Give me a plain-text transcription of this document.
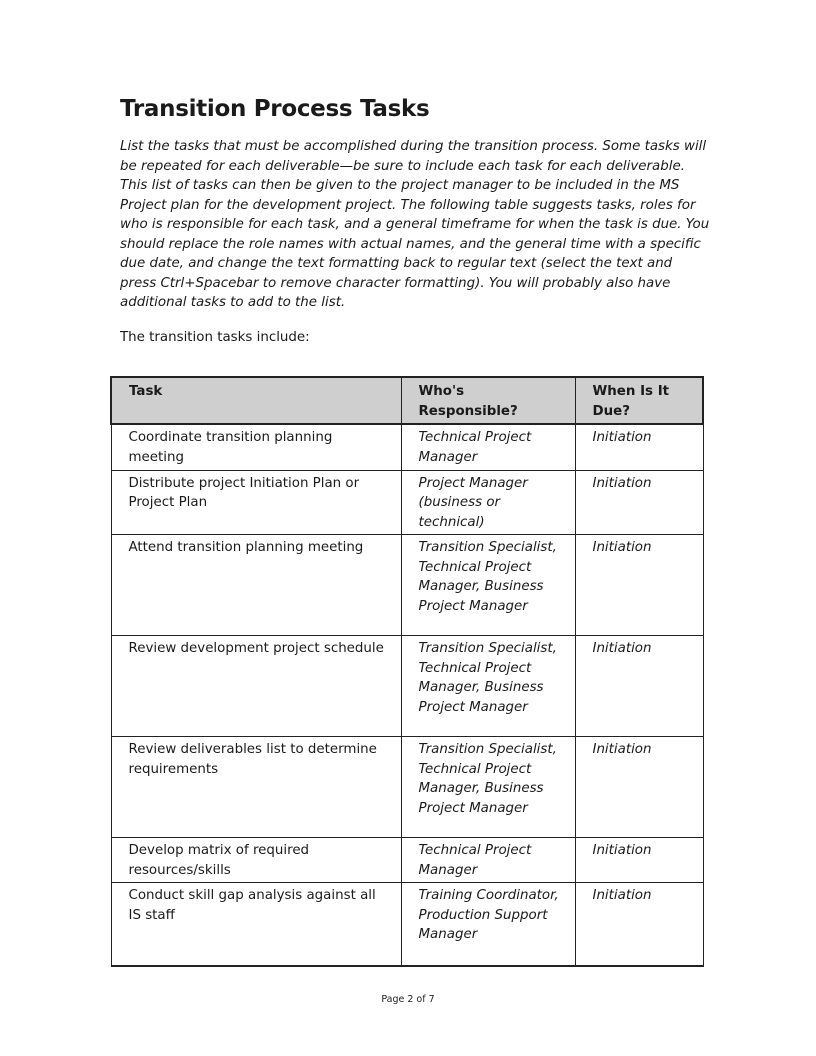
Transition Process Tasks

List the tasks that must be accomplished during the transition process. Some tasks will be repeated for each deliverable—be sure to include each task for each deliverable. This list of tasks can then be given to the project manager to be included in the MS Project plan for the development project. The following table suggests tasks, roles for who is responsible for each task, and a general timeframe for when the task is due. You should replace the role names with actual names, and the general time with a specific due date, and change the text formatting back to regular text (select the text and press Ctrl+Spacebar to remove character formatting). You will probably also have additional tasks to add to the list.

The transition tasks include:

Task	Who's Responsible?	When Is It Due?
Coordinate transition planning meeting	Technical Project Manager	Initiation
Distribute project Initiation Plan or Project Plan	Project Manager (business or technical)	Initiation
Attend transition planning meeting	Transition Specialist, Technical Project Manager, Business Project Manager	Initiation
Review development project schedule	Transition Specialist, Technical Project Manager, Business Project Manager	Initiation
Review deliverables list to determine requirements	Transition Specialist, Technical Project Manager, Business Project Manager	Initiation
Develop matrix of required resources/skills	Technical Project Manager	Initiation
Conduct skill gap analysis against all IS staff	Training Coordinator, Production Support Manager	Initiation

Page 2 of 7
